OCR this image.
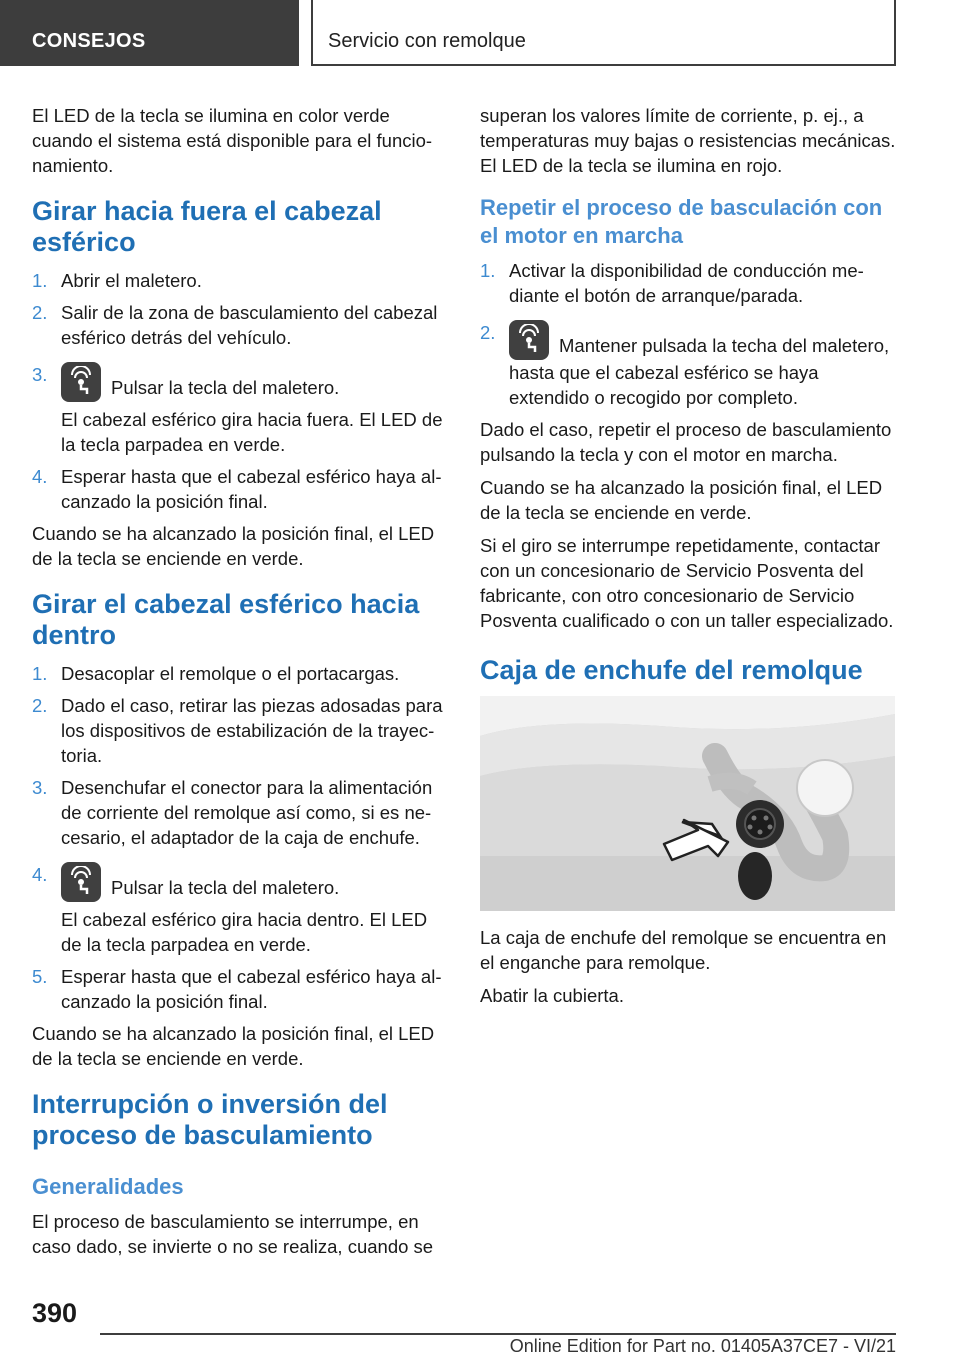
CONSEJOS	Servicio con remolque

El LED de la tecla se ilumina en color verde cuando el sistema está disponible para el funcionamiento.

Girar hacia fuera el cabezal esférico
1. Abrir el maletero.
2. Salir de la zona de basculamiento del cabezal esférico detrás del vehículo.
3.
Pulsar la tecla del maletero.
El cabezal esférico gira hacia fuera. El LED de la tecla parpadea en verde.
4. Esperar hasta que el cabezal esférico haya alcanzado la posición final.

Cuando se ha alcanzado la posición final, el LED de la tecla se enciende en verde.

Girar el cabezal esférico hacia dentro
1. Desacoplar el remolque o el portacargas.
2. Dado el caso, retirar las piezas adosadas para los dispositivos de estabilización de la trayectoria.
3. Desenchufar el conector para la alimentación de corriente del remolque así como, si es necesario, el adaptador de la caja de enchufe.
4.
Pulsar la tecla del maletero.
El cabezal esférico gira hacia dentro. El LED de la tecla parpadea en verde.
5. Esperar hasta que el cabezal esférico haya alcanzado la posición final.

Cuando se ha alcanzado la posición final, el LED de la tecla se enciende en verde.

Interrupción o inversión del proceso de basculamiento
Generalidades

El proceso de basculamiento se interrumpe, en caso dado, se invierte o no se realiza, cuando se

superan los valores límite de corriente, p. ej., a temperaturas muy bajas o resistencias mecánicas. El LED de la tecla se ilumina en rojo.

Repetir el proceso de basculación con el motor en marcha
1. Activar la disponibilidad de conducción mediante el botón de arranque/parada.
2.
Mantener pulsada la techa del maletero, hasta que el cabezal esférico se haya extendido o recogido por completo.

Dado el caso, repetir el proceso de basculamiento pulsando la tecla y con el motor en marcha.

Cuando se ha alcanzado la posición final, el LED de la tecla se enciende en verde.

Si el giro se interrumpe repetidamente, contactar con un concesionario de Servicio Posventa del fabricante, con otro concesionario de Servicio Posventa cualificado o con un taller especializado.

Caja de enchufe del remolque

La caja de enchufe del remolque se encuentra en el enganche para remolque.

Abatir la cubierta.

390
Online Edition for Part no. 01405A37CE7 - VI/21
